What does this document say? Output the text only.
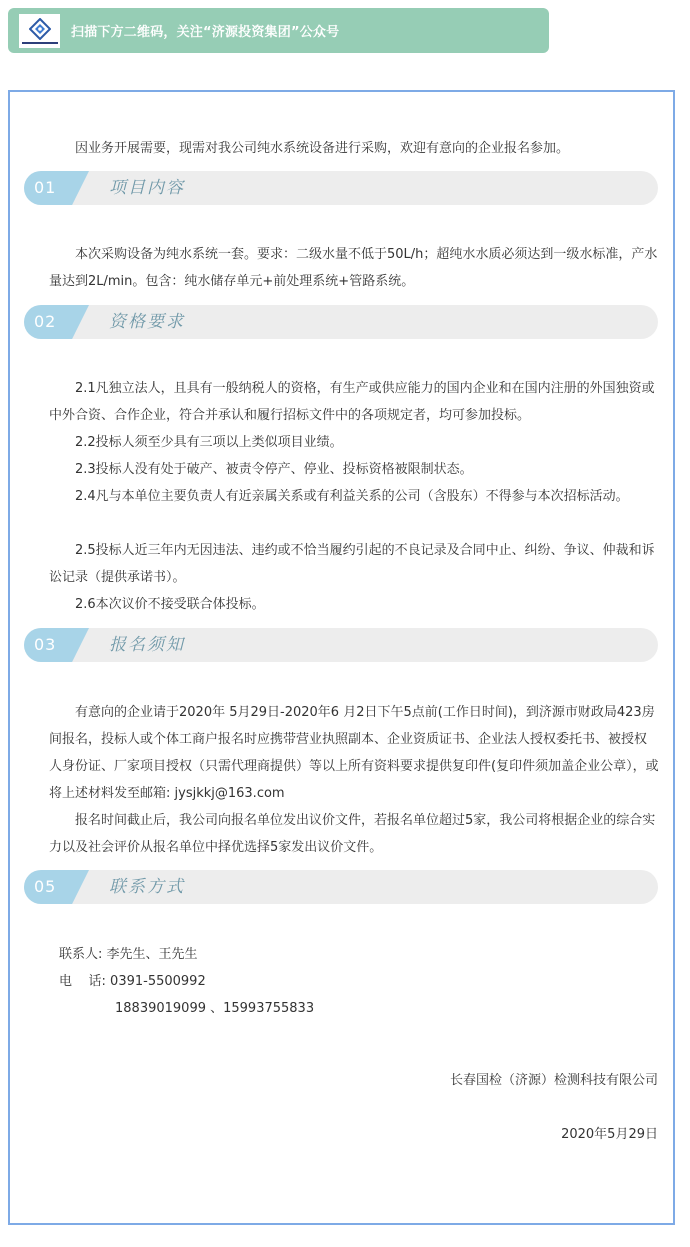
扫描下方二维码，关注“济源投资集团”公众号
因业务开展需要，现需对我公司纯水系统设备进行采购，欢迎有意向的企业报名参加。
01	项目内容
本次采购设备为纯水系统一套。要求：二级水量不低于50L/h；超纯水水质必须达到一级水标准，产水量达到2L/min。包含：纯水储存单元+前处理系统+管路系统。
02	资格要求
2.1凡独立法人，且具有一般纳税人的资格，有生产或供应能力的国内企业和在国内注册的外国独资或中外合资、合作企业，符合并承认和履行招标文件中的各项规定者，均可参加投标。
2.2投标人须至少具有三项以上类似项目业绩。
2.3投标人没有处于破产、被责令停产、停业、投标资格被限制状态。
2.4凡与本单位主要负责人有近亲属关系或有利益关系的公司（含股东）不得参与本次招标活动。
2.5投标人近三年内无因违法、违约或不恰当履约引起的不良记录及合同中止、纠纷、争议、仲裁和诉讼记录（提供承诺书）。
2.6本次议价不接受联合体投标。
03	报名须知
有意向的企业请于2020年 5月29日-2020年6 月2日下午5点前(工作日时间)，到济源市财政局423房间报名，投标人或个体工商户报名时应携带营业执照副本、企业资质证书、企业法人授权委托书、被授权人身份证、厂家项目授权（只需代理商提供）等以上所有资料要求提供复印件(复印件须加盖企业公章），或将上述材料发至邮箱: jysjkkj@163.com
报名时间截止后，我公司向报名单位发出议价文件，若报名单位超过5家，我公司将根据企业的综合实力以及社会评价从报名单位中择优选择5家发出议价文件。
05	联系方式
联系人: 李先生、王先生
电    话: 0391-5500992
18839019099 、15993755833
长春国检（济源）检测科技有限公司
2020年5月29日
